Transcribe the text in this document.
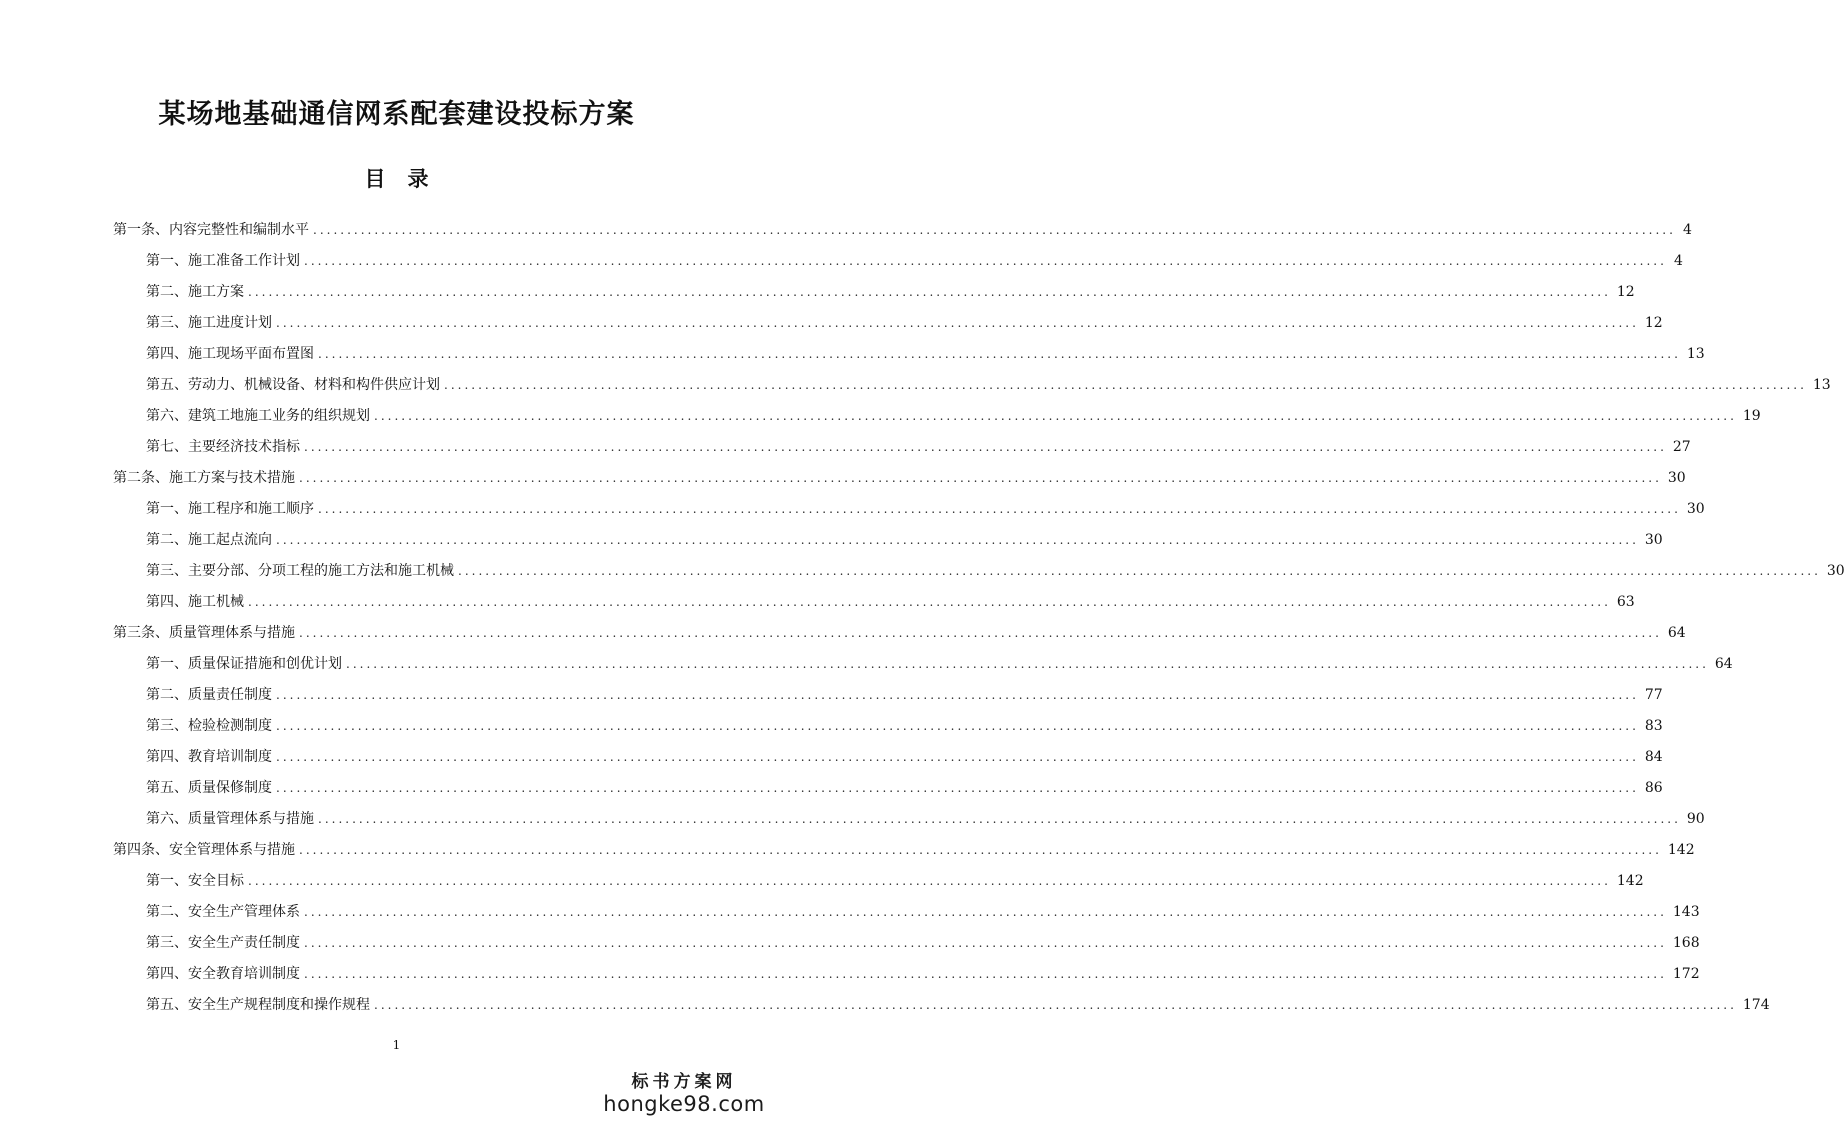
某场地基础通信网系配套建设投标方案
目录
第一条、内容完整性和编制水平 ........................................................................................................................................................................................................ 4
第一、施工准备工作计划 ........................................................................................................................................................................................................ 4
第二、施工方案 ........................................................................................................................................................................................................ 12
第三、施工进度计划 ........................................................................................................................................................................................................ 12
第四、施工现场平面布置图 ........................................................................................................................................................................................................ 13
第五、劳动力、机械设备、材料和构件供应计划 ........................................................................................................................................................................................................ 13
第六、建筑工地施工业务的组织规划 ........................................................................................................................................................................................................ 19
第七、主要经济技术指标 ........................................................................................................................................................................................................ 27
第二条、施工方案与技术措施 ........................................................................................................................................................................................................ 30
第一、施工程序和施工顺序 ........................................................................................................................................................................................................ 30
第二、施工起点流向 ........................................................................................................................................................................................................ 30
第三、主要分部、分项工程的施工方法和施工机械 ........................................................................................................................................................................................................ 30
第四、施工机械 ........................................................................................................................................................................................................ 63
第三条、质量管理体系与措施 ........................................................................................................................................................................................................ 64
第一、质量保证措施和创优计划 ........................................................................................................................................................................................................ 64
第二、质量责任制度 ........................................................................................................................................................................................................ 77
第三、检验检测制度 ........................................................................................................................................................................................................ 83
第四、教育培训制度 ........................................................................................................................................................................................................ 84
第五、质量保修制度 ........................................................................................................................................................................................................ 86
第六、质量管理体系与措施 ........................................................................................................................................................................................................ 90
第四条、安全管理体系与措施 ........................................................................................................................................................................................................ 142
第一、安全目标 ........................................................................................................................................................................................................ 142
第二、安全生产管理体系 ........................................................................................................................................................................................................ 143
第三、安全生产责任制度 ........................................................................................................................................................................................................ 168
第四、安全教育培训制度 ........................................................................................................................................................................................................ 172
第五、安全生产规程制度和操作规程 ........................................................................................................................................................................................................ 174
1
标书方案网
hongke98.com
